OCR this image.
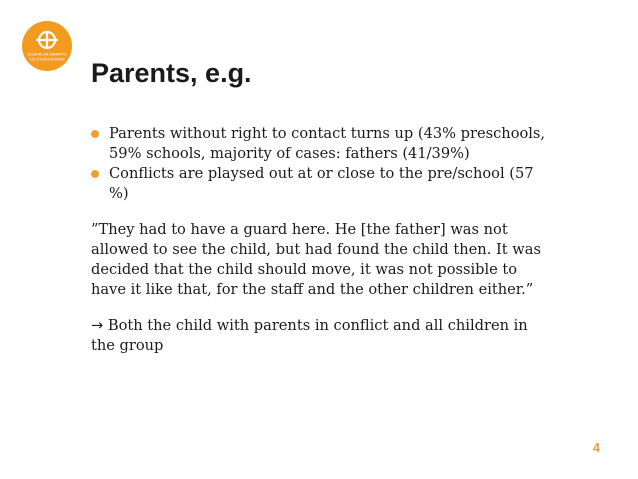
KELEHALAN SAMANTU
TOLOTHIS ECONOM Parents, e.g.
Parents without right to contact turns up (43% preschools, 59% schools, majority of cases: fathers (41/39%)
Conflicts are playsed out at or close to the pre/school (57 %)

”They had to have a guard here. He [the father] was not allowed to see the child, but had found the child then. It was decided that the child should move, it was not possible to have it like that, for the staff and the other children either.”

→ Both the child with parents in conflict and all children in the group

4
